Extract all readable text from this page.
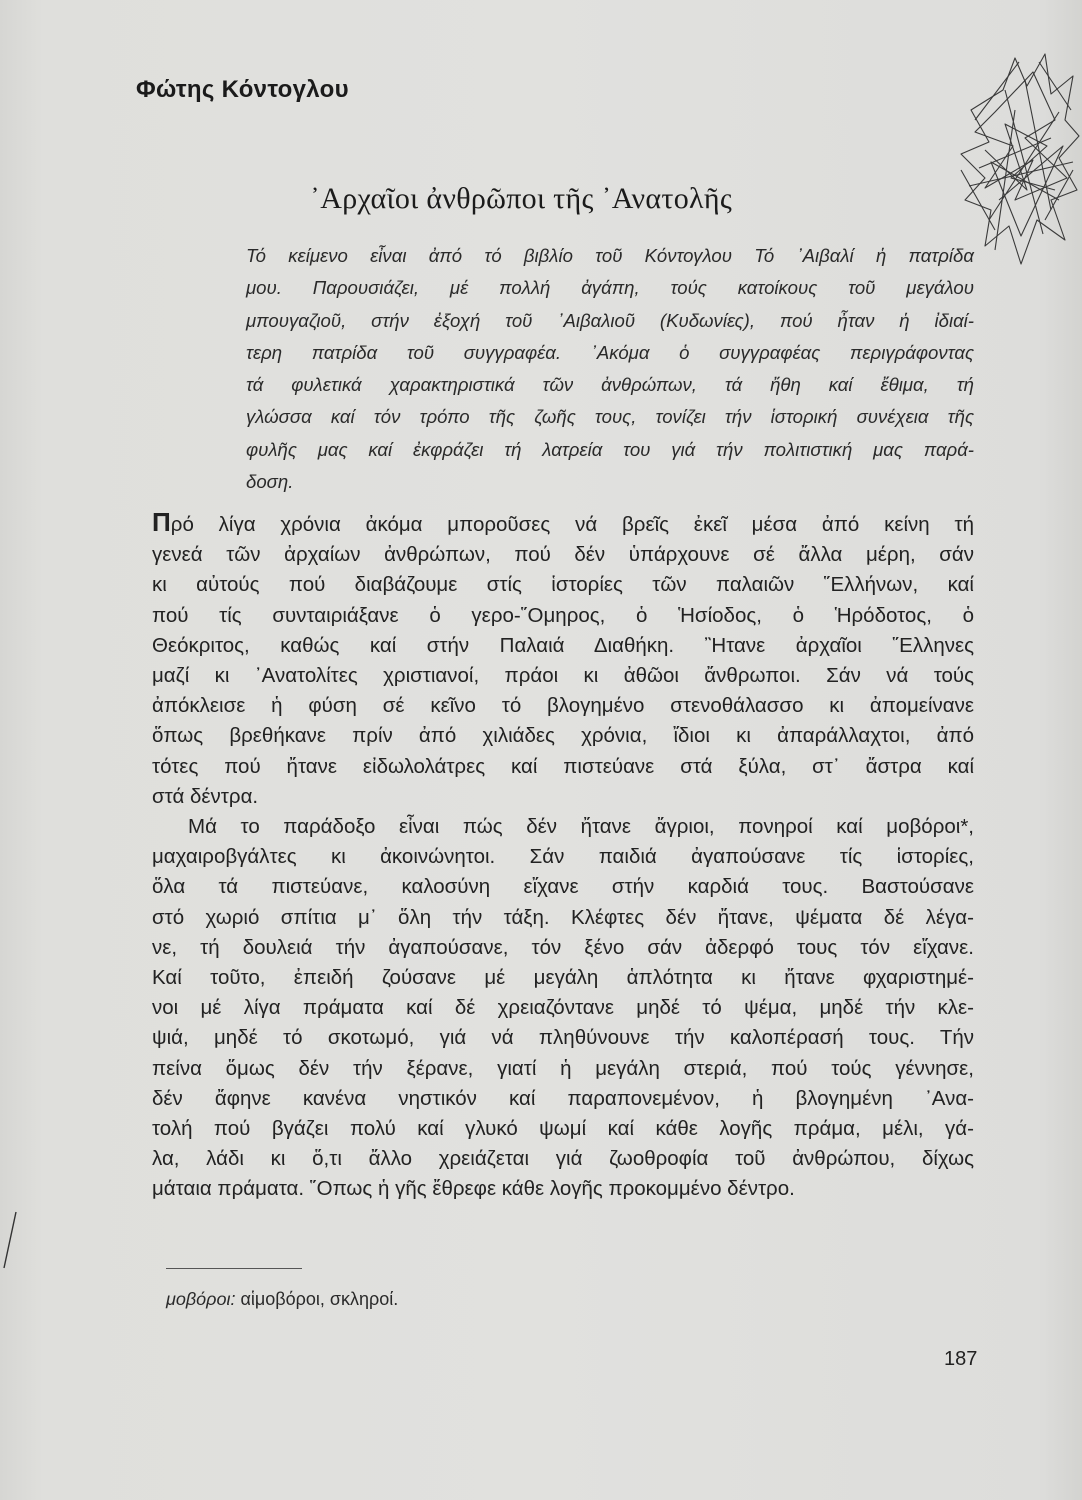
Φώτης Κόντογλου
᾿Αρχαῖοι ἀνθρῶποι τῆς ᾿Ανατολῆς
Τό κείμενο εἶναι ἀπό τό βιβλίο τοῦ Κόντογλου Τό ᾿Αιβαλί ἡ πατρίδα
μου. Παρουσιάζει, μέ πολλή ἀγάπη, τούς κατοίκους τοῦ μεγάλου
μπουγαζιοῦ, στήν ἐξοχή τοῦ ᾿Αιβαλιοῦ (Κυδωνίες), πού ἦταν ἡ ἰδιαί-
τερη πατρίδα τοῦ συγγραφέα. ᾿Ακόμα ὁ συγγραφέας περιγράφοντας
τά φυλετικά χαρακτηριστικά τῶν ἀνθρώπων, τά ἤθη καί ἔθιμα, τή
γλώσσα καί τόν τρόπο τῆς ζωῆς τους, τονίζει τήν ἱστορική συνέχεια τῆς
φυλῆς μας καί ἐκφράζει τή λατρεία του γιά τήν πολιτιστική μας παρά-
δοση.
Πρό λίγα χρόνια ἀκόμα μποροῦσες νά βρεῖς ἐκεῖ μέσα ἀπό κείνη τή
γενεά τῶν ἀρχαίων ἀνθρώπων, πού δέν ὑπάρχουνε σέ ἄλλα μέρη, σάν
κι αὐτούς πού διαβάζουμε στίς ἱστορίες τῶν παλαιῶν ῞Ελλήνων, καί
πού τίς συνταιριάξανε ὁ γερο-῞Ομηρος, ὁ Ἡσίοδος, ὁ Ἡρόδοτος, ὁ
Θεόκριτος, καθώς καί στήν Παλαιά Διαθήκη. ῍Ητανε ἀρχαῖοι ῞Ελληνες
μαζί κι ᾿Ανατολίτες χριστιανοί, πράοι κι ἀθῶοι ἄνθρωποι. Σάν νά τούς
ἀπόκλεισε ἡ φύση σέ κεῖνο τό βλογημένο στενοθάλασσο κι ἀπομείνανε
ὅπως βρεθήκανε πρίν ἀπό χιλιάδες χρόνια, ἴδιοι κι ἀπαράλλαχτοι, ἀπό
τότες πού ἤτανε εἰδωλολάτρες καί πιστεύανε στά ξύλα, στ᾿ ἄστρα καί
στά δέντρα.
Μά το παράδοξο εἶναι πώς δέν ἤτανε ἄγριοι, πονηροί καί μοβόροι*,
μαχαιροβγάλτες κι ἀκοινώνητοι. Σάν παιδιά ἀγαπούσανε τίς ἱστορίες,
ὅλα τά πιστεύανε, καλοσύνη εἴχανε στήν καρδιά τους. Βαστούσανε
στό χωριό σπίτια μ᾿ ὅλη τήν τάξη. Κλέφτες δέν ἤτανε, ψέματα δέ λέγα-
νε, τή δουλειά τήν ἀγαπούσανε, τόν ξένο σάν ἀδερφό τους τόν εἴχανε.
Καί τοῦτο, ἐπειδή ζούσανε μέ μεγάλη ἁπλότητα κι ἤτανε φχαριστημέ-
νοι μέ λίγα πράματα καί δέ χρειαζόντανε μηδέ τό ψέμα, μηδέ τήν κλε-
ψιά, μηδέ τό σκοτωμό, γιά νά πληθύνουνε τήν καλοπέρασή τους. Τήν
πείνα ὅμως δέν τήν ξέρανε, γιατί ἡ μεγάλη στεριά, πού τούς γέννησε,
δέν ἄφηνε κανένα νηστικόν καί παραπονεμένον, ἡ βλογημένη ᾿Ανα-
τολή πού βγάζει πολύ καί γλυκό ψωμί καί κάθε λογῆς πράμα, μέλι, γά-
λα, λάδι κι ὅ,τι ἄλλο χρειάζεται γιά ζωοθροφία τοῦ ἀνθρώπου, δίχως
μάταια πράματα. ῞Οπως ἡ γῆς ἔθρεφε κάθε λογῆς προκομμένο δέντρο.
μοβόροι: αἱμοβόροι, σκληροί.
187
